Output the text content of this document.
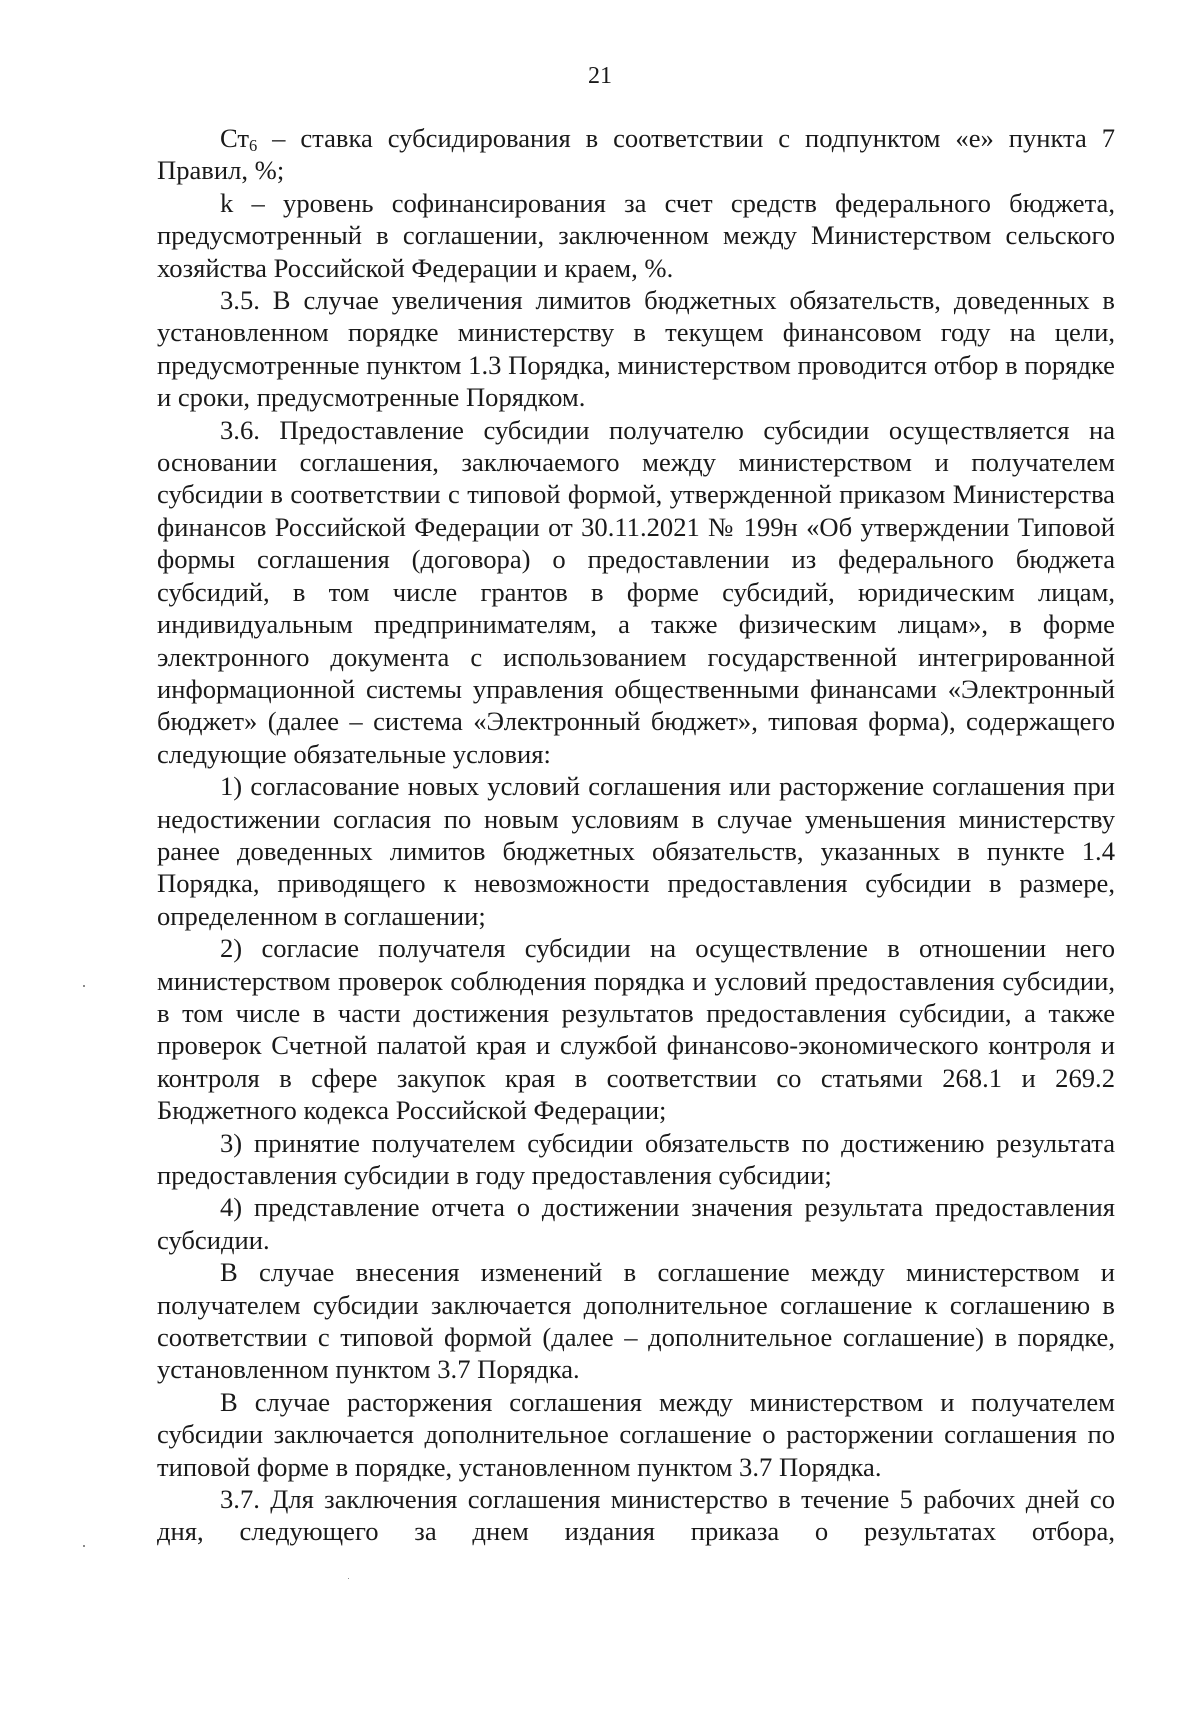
21

$Ст_6$ – ставка субсидирования в соответствии с подпунктом «е» пункта 7 Правил, %;

k – уровень софинансирования за счет средств федерального бюджета, предусмотренный в соглашении, заключенном между Министерством сельского хозяйства Российской Федерации и краем, %.

3.5. В случае увеличения лимитов бюджетных обязательств, доведенных в установленном порядке министерству в текущем финансовом году на цели, предусмотренные пунктом 1.3 Порядка, министерством проводится отбор в порядке и сроки, предусмотренные Порядком.

3.6. Предоставление субсидии получателю субсидии осуществляется на основании соглашения, заключаемого между министерством и получателем субсидии в соответствии с типовой формой, утвержденной приказом Министерства финансов Российской Федерации от 30.11.2021 № 199н «Об утверждении Типовой формы соглашения (договора) о предоставлении из федерального бюджета субсидий, в том числе грантов в форме субсидий, юридическим лицам, индивидуальным предпринимателям, а также физическим лицам», в форме электронного документа с использованием государственной интегрированной информационной системы управления общественными финансами «Электронный бюджет» (далее – система «Электронный бюджет», типовая форма), содержащего следующие обязательные условия:

1) согласование новых условий соглашения или расторжение соглашения при недостижении согласия по новым условиям в случае уменьшения министерству ранее доведенных лимитов бюджетных обязательств, указанных в пункте 1.4 Порядка, приводящего к невозможности предоставления субсидии в размере, определенном в соглашении;

2) согласие получателя субсидии на осуществление в отношении него министерством проверок соблюдения порядка и условий предоставления субсидии, в том числе в части достижения результатов предоставления субсидии, а также проверок Счетной палатой края и службой финансово-экономического контроля и контроля в сфере закупок края в соответствии со статьями 268.1 и 269.2 Бюджетного кодекса Российской Федерации;

3) принятие получателем субсидии обязательств по достижению результата предоставления субсидии в году предоставления субсидии;

4) представление отчета о достижении значения результата предоставления субсидии.

В случае внесения изменений в соглашение между министерством и получателем субсидии заключается дополнительное соглашение к соглашению в соответствии с типовой формой (далее – дополнительное соглашение) в порядке, установленном пунктом 3.7 Порядка.

В случае расторжения соглашения между министерством и получателем субсидии заключается дополнительное соглашение о расторжении соглашения по типовой форме в порядке, установленном пунктом 3.7 Порядка.

3.7. Для заключения соглашения министерство в течение 5 рабочих дней со дня, следующего за днем издания приказа о результатах отбора,
